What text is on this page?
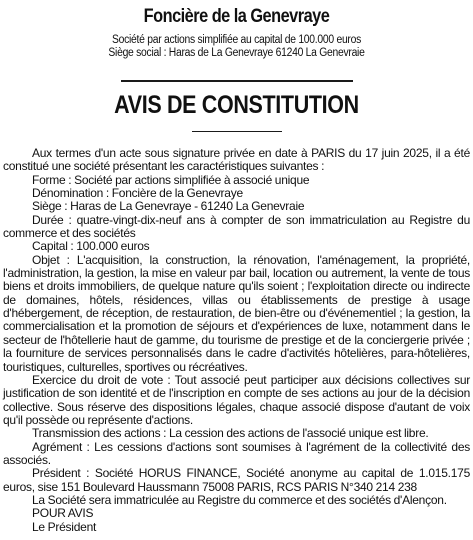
Foncière de la Genevraye

Société par actions simplifiée au capital de 100.000 euros

Siège social : Haras de La Genevraye 61240 La Genevraie

AVIS DE CONSTITUTION

Aux termes d'un acte sous signature privée en date à PARIS du 17 juin 2025, il a été constitué une société présentant les caractéristiques suivantes :

Forme : Société par actions simplifiée à associé unique

Dénomination : Foncière de la Genevraye

Siège : Haras de La Genevraye - 61240 La Genevraie

Durée : quatre-vingt-dix-neuf ans à compter de son immatriculation au Registre du commerce et des sociétés

Capital : 100.000 euros

Objet : L'acquisition, la construction, la rénovation, l'aménagement, la propriété, l'administration, la gestion, la mise en valeur par bail, location ou autrement, la vente de tous biens et droits immobiliers, de quelque nature qu'ils soient ; l'exploitation directe ou indirecte de domaines, hôtels, résidences, villas ou établissements de prestige à usage d'hébergement, de réception, de restauration, de bien-être ou d'événementiel ; la gestion, la commercialisation et la promotion de séjours et d'expériences de luxe, notamment dans le secteur de l'hôtellerie haut de gamme, du tourisme de prestige et de la conciergerie privée ; la fourniture de services personnalisés dans le cadre d'activités hôtelières, para-hôtelières, touristiques, culturelles, sportives ou récréatives.

Exercice du droit de vote : Tout associé peut participer aux décisions collectives sur justification de son identité et de l'inscription en compte de ses actions au jour de la décision collective. Sous réserve des dispositions légales, chaque associé dispose d'autant de voix qu'il possède ou représente d'actions.

Transmission des actions : La cession des actions de l'associé unique est libre.

Agrément : Les cessions d'actions sont soumises à l'agrément de la collectivité des associés.

Président : Société HORUS FINANCE, Société anonyme au capital de 1.015.175 euros, sise 151 Boulevard Haussmann 75008 PARIS, RCS PARIS N°340 214 238

La Société sera immatriculée au Registre du commerce et des sociétés d'Alençon.

POUR AVIS

Le Président
